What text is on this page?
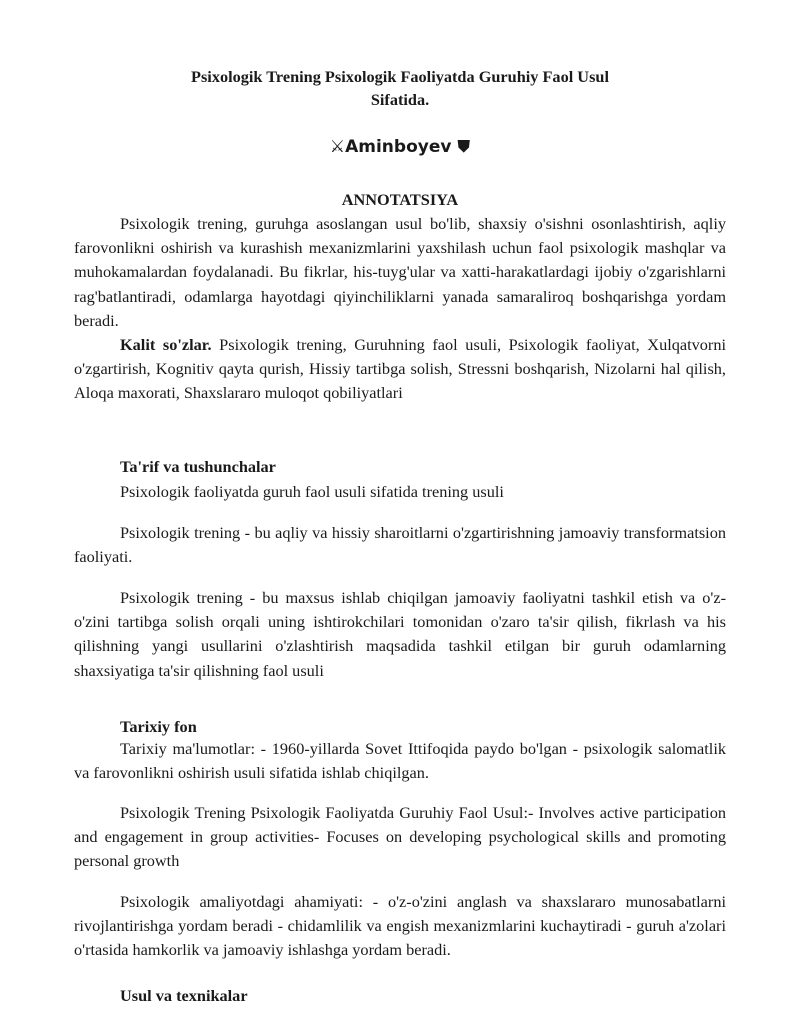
Psixologik Trening Psixologik Faoliyatda Guruhiy Faol Usul
Sifatida.
⚔Aminboyev ⛊
ANNOTATSIYA

Psixologik trening, guruhga asoslangan usul bo'lib, shaxsiy o'sishni osonlashtirish, aqliy farovonlikni oshirish va kurashish mexanizmlarini yaxshilash uchun faol psixologik mashqlar va muhokamalardan foydalanadi. Bu fikrlar, his-tuyg'ular va xatti-harakatlardagi ijobiy o'zgarishlarni rag'batlantiradi, odamlarga hayotdagi qiyinchiliklarni yanada samaraliroq boshqarishga yordam beradi.

Kalit so'zlar. Psixologik trening, Guruhning faol usuli, Psixologik faoliyat, Xulqatvorni o'zgartirish, Kognitiv qayta qurish, Hissiy tartibga solish, Stressni boshqarish, Nizolarni hal qilish, Aloqa maxorati, Shaxslararo muloqot qobiliyatlari

Ta'rif va tushunchalar

Psixologik faoliyatda guruh faol usuli sifatida trening usuli

Psixologik trening - bu aqliy va hissiy sharoitlarni o'zgartirishning jamoaviy transformatsion faoliyati.

Psixologik trening - bu maxsus ishlab chiqilgan jamoaviy faoliyatni tashkil etish va o'z-o'zini tartibga solish orqali uning ishtirokchilari tomonidan o'zaro ta'sir qilish, fikrlash va his qilishning yangi usullarini o'zlashtirish maqsadida tashkil etilgan bir guruh odamlarning shaxsiyatiga ta'sir qilishning faol usuli

Tarixiy fon

Tarixiy ma'lumotlar: - 1960-yillarda Sovet Ittifoqida paydo bo'lgan - psixologik salomatlik va farovonlikni oshirish usuli sifatida ishlab chiqilgan.

Psixologik Trening Psixologik Faoliyatda Guruhiy Faol Usul:- Involves active participation and engagement in group activities- Focuses on developing psychological skills and promoting personal growth

Psixologik amaliyotdagi ahamiyati: - o'z-o'zini anglash va shaxslararo munosabatlarni rivojlantirishga yordam beradi - chidamlilik va engish mexanizmlarini kuchaytiradi - guruh a'zolari o'rtasida hamkorlik va jamoaviy ishlashga yordam beradi.

Usul va texnikalar
